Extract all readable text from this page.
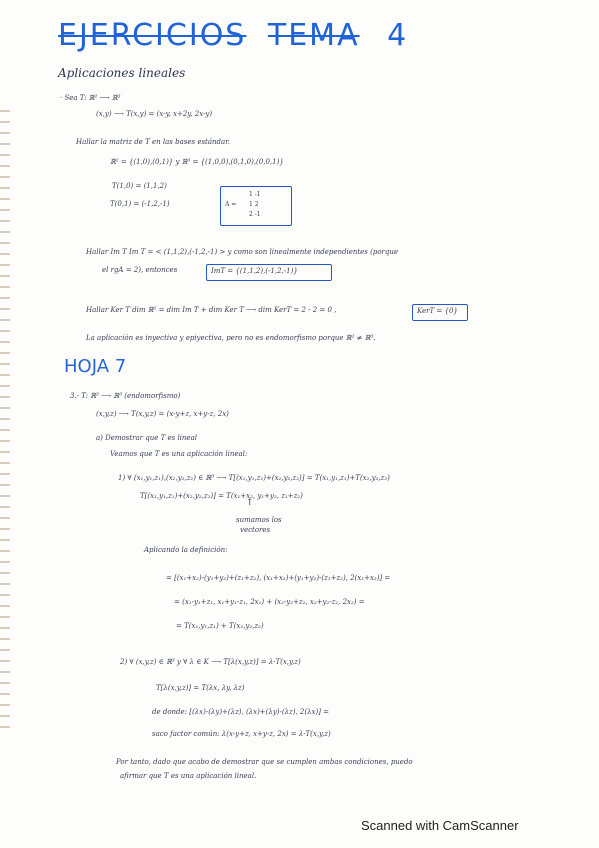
EJERCICIOS TEMA 4
Aplicaciones lineales
· Sea T: ℝ² ⟶ ℝ³
(x,y) ⟶ T(x,y) = (x-y, x+2y, 2x-y)
Hallar la matriz de T en las bases estándar.
ℝ² = {(1,0),(0,1)} y ℝ³ = {(1,0,0),(0,1,0),(0,0,1)}
T(1,0) = (1,1,2)
T(0,1) = (-1,2,-1)	A =
1 -1
1 2
2 -1
Hallar Im T Im T = < (1,1,2),(-1,2,-1) > y como son linealmente independientes (porque
el rgA = 2), entonces	ImT = {(1,1,2),(-1,2,-1)}
Hallar Ker T dim ℝ² = dim Im T + dim Ker T ⟶ dim KerT = 2 - 2 = 0 ,	KerT = {0}
La aplicación es inyectiva y epiyectiva, pero no es endomorfismo porque ℝ² ≠ ℝ³.
HOJA 7
3.- T: ℝ³ ⟶ ℝ³ (endomorfismo)
(x,y,z) ⟶ T(x,y,z) = (x-y+z, x+y-z, 2x)
a) Demostrar que T es lineal
Veamos que T es una aplicación lineal:
1) ∀ (x₁,y₁,z₁),(x₂,y₂,z₂) ∈ ℝ³ ⟶ T[(x₁,y₁,z₁)+(x₂,y₂,z₂)] = T(x₁,y₁,z₁)+T(x₂,y₂,z₂)
T[(x₁,y₁,z₁)+(x₂,y₂,z₂)] = T(x₁+x₂, y₁+y₂, z₁+z₂)
↑
sumamos los
vectores
Aplicando la definición:
= [(x₁+x₂)-(y₁+y₂)+(z₁+z₂), (x₁+x₂)+(y₁+y₂)-(z₁+z₂), 2(x₁+x₂)] =
= (x₁-y₁+z₁, x₁+y₁-z₁, 2x₁) + (x₂-y₂+z₂, x₂+y₂-z₂, 2x₂) =
= T(x₁,y₁,z₁) + T(x₂,y₂,z₂)
2) ∀ (x,y,z) ∈ ℝ³ y ∀ λ ∈ K ⟶ T[λ(x,y,z)] = λ·T(x,y,z)
T[λ(x,y,z)] = T(λx, λy, λz)
de donde: [(λx)-(λy)+(λz), (λx)+(λy)-(λz), 2(λx)] =
saco factor común: λ(x-y+z, x+y-z, 2x) = λ·T(x,y,z)
Por tanto, dado que acabo de demostrar que se cumplen ambas condiciones, puedo
afirmar que T es una aplicación lineal.
Scanned with CamScanner
